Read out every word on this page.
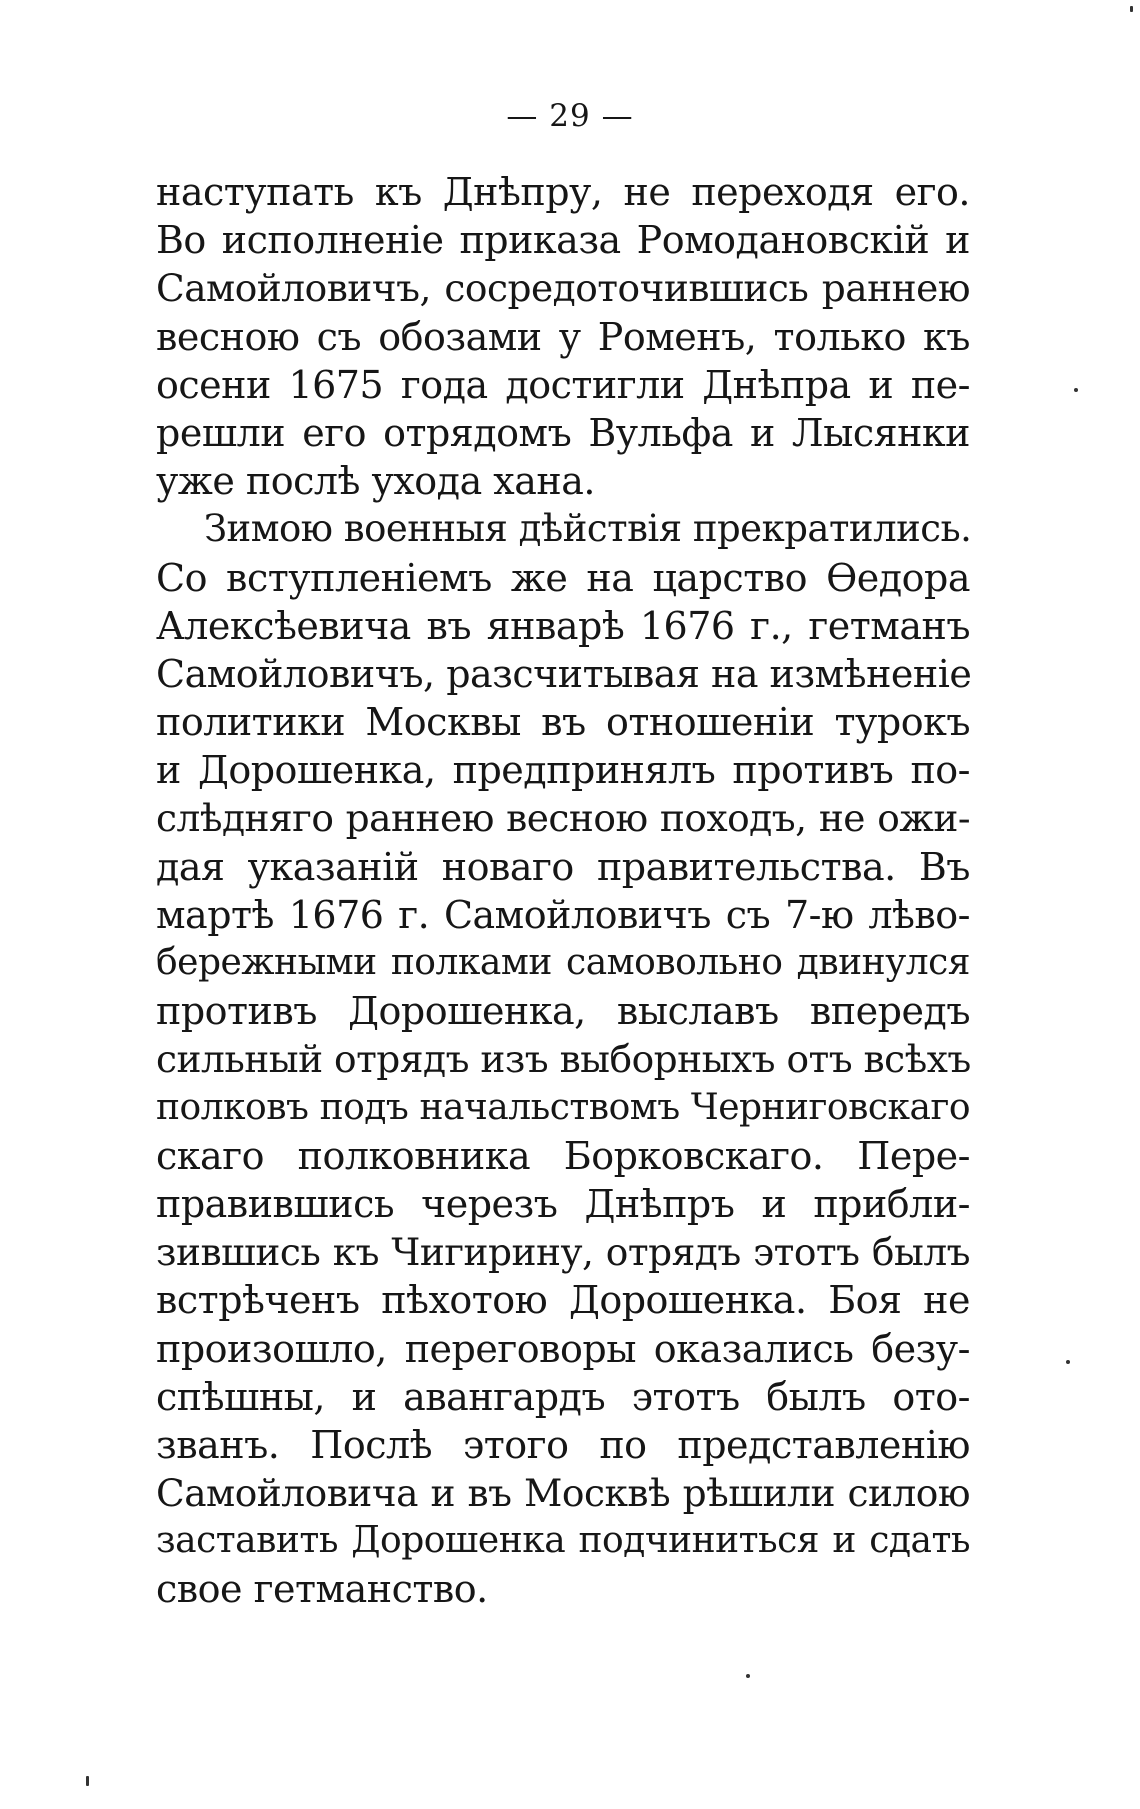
— 29 —
наступать къ Днѣпру, не переходя его.
Во исполненіе приказа Ромодановскій и
Самойловичъ, сосредоточившись раннею
весною съ обозами у Роменъ, только къ
осени 1675 года достигли Днѣпра и пе-
решли его отрядомъ Вульфа и Лысянки
уже послѣ ухода хана.
Зимою военныя дѣйствія прекратились.
Со вступленіемъ же на царство Ѳедора
Алексѣевича въ январѣ 1676 г., гетманъ
Самойловичъ, разсчитывая на измѣненіе
политики Москвы въ отношеніи турокъ
и Дорошенка, предпринялъ противъ по-
слѣдняго раннею весною походъ, не ожи-
дая указаній новаго правительства. Въ
мартѣ 1676 г. Самойловичъ съ 7-ю лѣво-
бережными полками самовольно двинулся
противъ Дорошенка, выславъ впередъ
сильный отрядъ изъ выборныхъ отъ всѣхъ
полковъ подъ начальствомъ Черниговскаго
скаго полковника Борковскаго. Пере-
правившись черезъ Днѣпръ и прибли-
зившись къ Чигирину, отрядъ этотъ былъ
встрѣченъ пѣхотою Дорошенка. Боя не
произошло, переговоры оказались безу-
спѣшны, и авангардъ этотъ былъ ото-
званъ. Послѣ этого по представленію
Самойловича и въ Москвѣ рѣшили силою
заставить Дорошенка подчиниться и сдать
свое гетманство.
